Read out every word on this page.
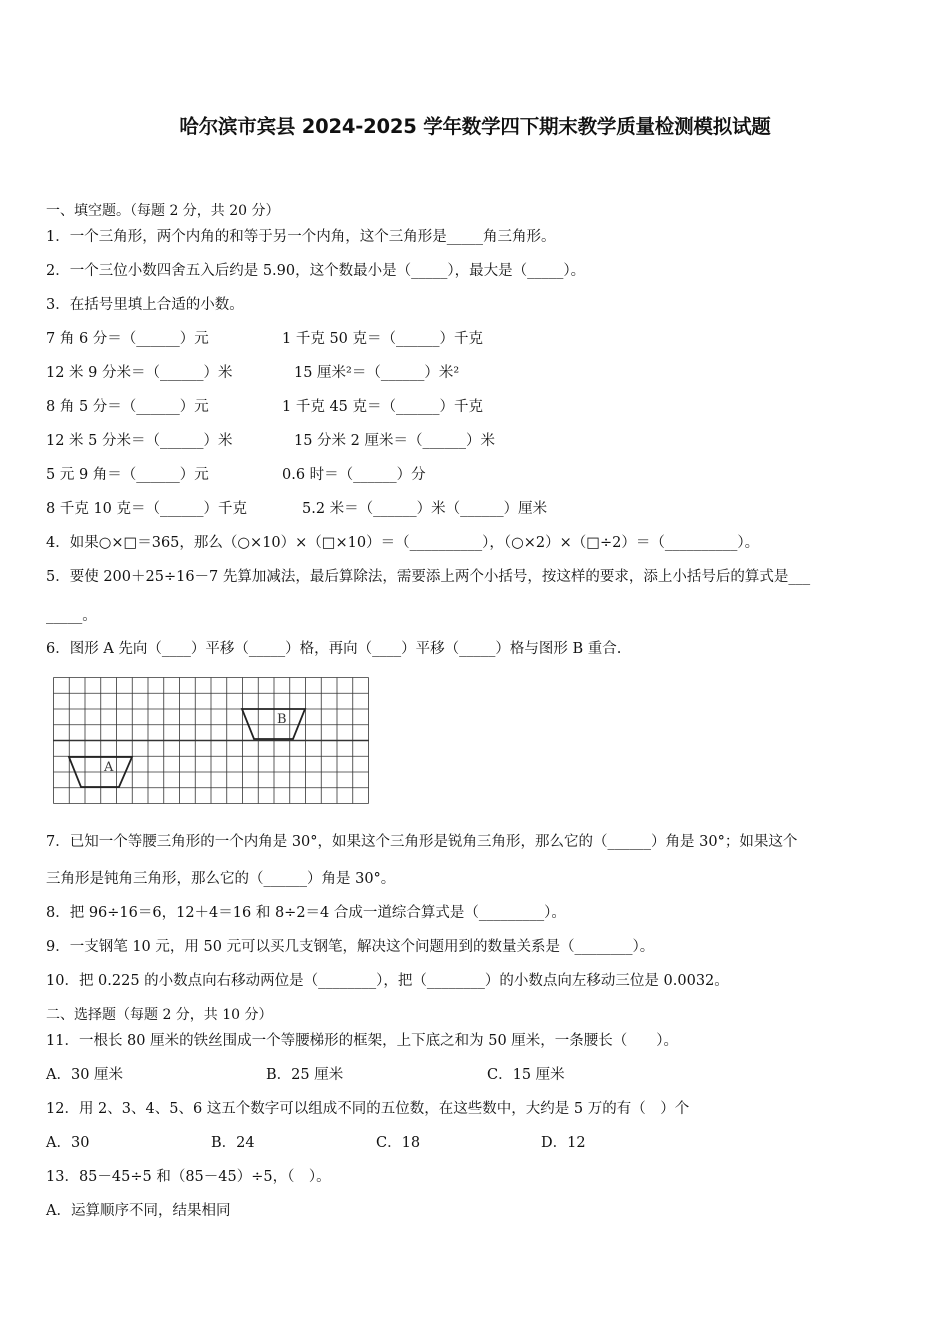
哈尔滨市宾县 2024-2025 学年数学四下期末教学质量检测模拟试题
一、填空题。（每题 2 分，共 20 分）
1．一个三角形，两个内角的和等于另一个内角，这个三角形是_____角三角形。
2．一个三位小数四舍五入后约是 5.90，这个数最小是（_____），最大是（_____）。
3．在括号里填上合适的小数。
7 角 6 分＝（______）元	1 千克 50 克＝（______）千克
12 米 9 分米＝（______）米	15 厘米²＝（______）米²
8 角 5 分＝（______）元	1 千克 45 克＝（______）千克
12 米 5 分米＝（______）米	15 分米 2 厘米＝（______）米
5 元 9 角＝（______）元	0.6 时＝（______）分
8 千克 10 克＝（______）千克	5.2 米＝（______）米（______）厘米
4．如果○×□＝365，那么（○×10）×（□×10）＝（__________），（○×2）×（□÷2）＝（__________）。
5．要使 200＋25÷16－7 先算加减法，最后算除法，需要添上两个小括号，按这样的要求，添上小括号后的算式是___
_____。
6．图形 A 先向（____）平移（_____）格，再向（____）平移（_____）格与图形 B 重合.
B
A
7．已知一个等腰三角形的一个内角是 30°，如果这个三角形是锐角三角形，那么它的（______）角是 30°；如果这个
三角形是钝角三角形，那么它的（______）角是 30°。
8．把 96÷16＝6，12＋4＝16 和 8÷2＝4 合成一道综合算式是（_________）。
9．一支钢笔 10 元，用 50 元可以买几支钢笔，解决这个问题用到的数量关系是（________）。
10．把 0.225 的小数点向右移动两位是（________），把（________）的小数点向左移动三位是 0.0032。
二、选择题（每题 2 分，共 10 分）
11．一根长 80 厘米的铁丝围成一个等腰梯形的框架，上下底之和为 50 厘米，一条腰长（　　）。
A．30 厘米	B．25 厘米	C．15 厘米
12．用 2、3、4、5、6 这五个数字可以组成不同的五位数，在这些数中，大约是 5 万的有（　）个
A．30	B．24	C．18	D．12
13．85－45÷5 和（85－45）÷5，（　）。
A．运算顺序不同，结果相同
